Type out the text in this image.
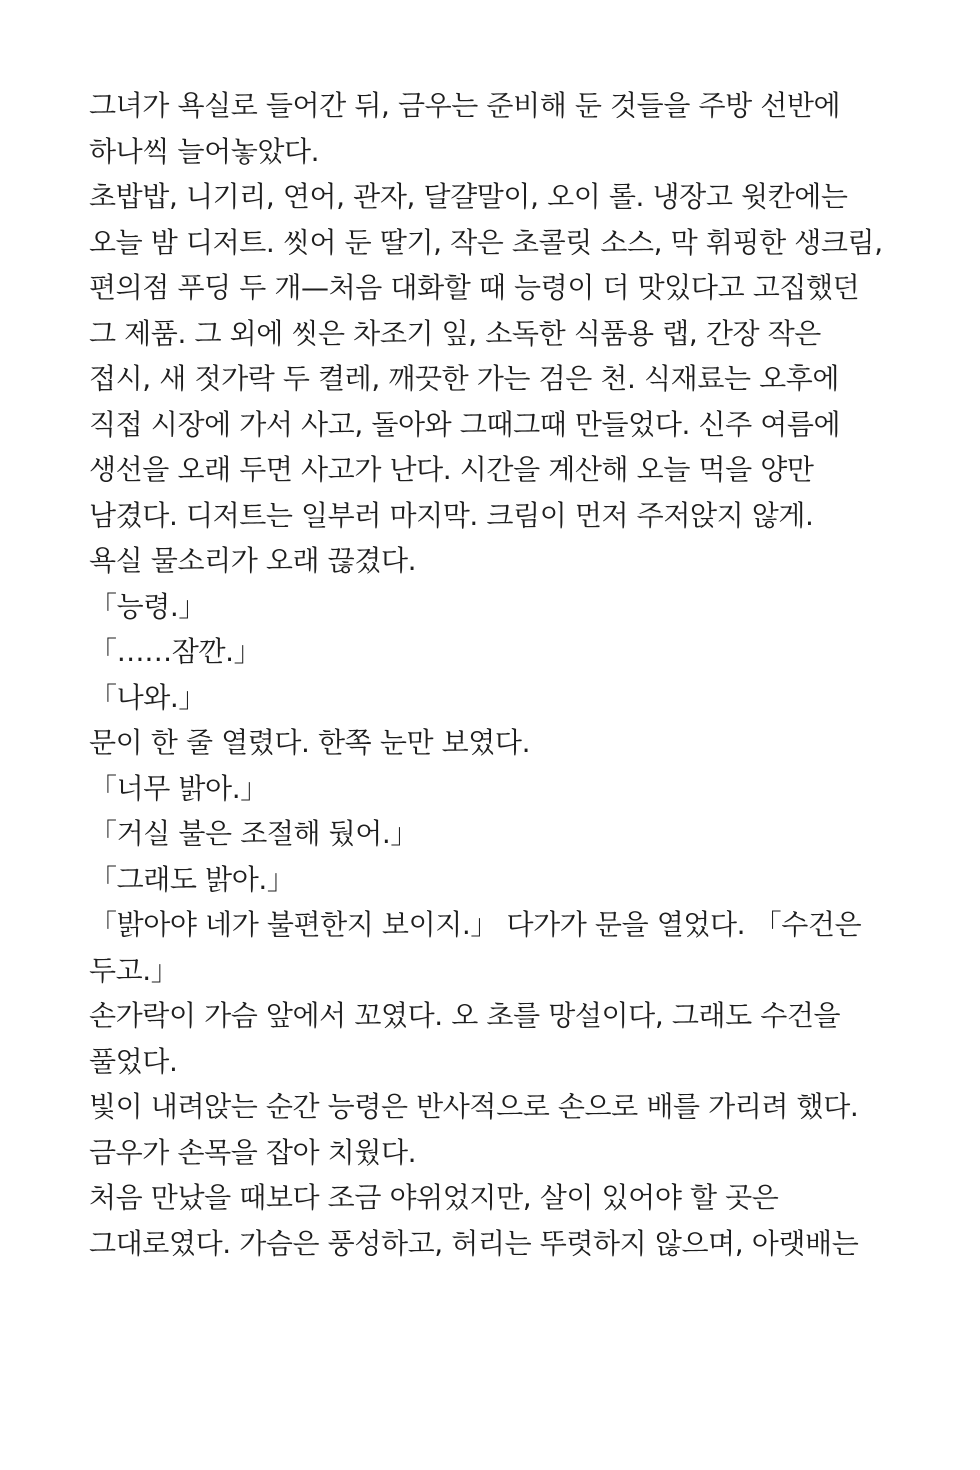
그녀가 욕실로 들어간 뒤, 금우는 준비해 둔 것들을 주방 선반에
하나씩 늘어놓았다.
초밥밥, 니기리, 연어, 관자, 달걀말이, 오이 롤. 냉장고 윗칸에는
오늘 밤 디저트. 씻어 둔 딸기, 작은 초콜릿 소스, 막 휘핑한 생크림,
편의점 푸딩 두 개—처음 대화할 때 능령이 더 맛있다고 고집했던
그 제품. 그 외에 씻은 차조기 잎, 소독한 식품용 랩, 간장 작은
접시, 새 젓가락 두 켤레, 깨끗한 가는 검은 천. 식재료는 오후에
직접 시장에 가서 사고, 돌아와 그때그때 만들었다. 신주 여름에
생선을 오래 두면 사고가 난다. 시간을 계산해 오늘 먹을 양만
남겼다. 디저트는 일부러 마지막. 크림이 먼저 주저앉지 않게.
욕실 물소리가 오래 끊겼다.
「능령.」
「……잠깐.」
「나와.」
문이 한 줄 열렸다. 한쪽 눈만 보였다.
「너무 밝아.」
「거실 불은 조절해 뒀어.」
「그래도 밝아.」
「밝아야 네가 불편한지 보이지.」 다가가 문을 열었다. 「수건은
두고.」
손가락이 가슴 앞에서 꼬였다. 오 초를 망설이다, 그래도 수건을
풀었다.
빛이 내려앉는 순간 능령은 반사적으로 손으로 배를 가리려 했다.
금우가 손목을 잡아 치웠다.
처음 만났을 때보다 조금 야위었지만, 살이 있어야 할 곳은
그대로였다. 가슴은 풍성하고, 허리는 뚜렷하지 않으며, 아랫배는
